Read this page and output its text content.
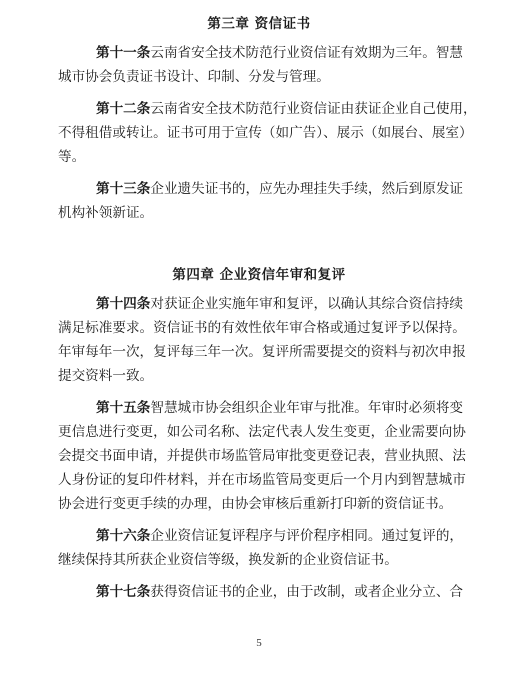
第三章 资信证书
第十一条云南省安全技术防范行业资信证有效期为三年。智慧
城市协会负责证书设计、印制、分发与管理。
第十二条云南省安全技术防范行业资信证由获证企业自己使用，
不得租借或转让。证书可用于宣传（如广告）、展示（如展台、展室）
等。
第十三条企业遗失证书的，应先办理挂失手续，然后到原发证
机构补领新证。
第四章 企业资信年审和复评
第十四条对获证企业实施年审和复评，以确认其综合资信持续
满足标准要求。资信证书的有效性依年审合格或通过复评予以保持。
年审每年一次，复评每三年一次。复评所需要提交的资料与初次申报
提交资料一致。
第十五条智慧城市协会组织企业年审与批准。年审时必须将变
更信息进行变更，如公司名称、法定代表人发生变更，企业需要向协
会提交书面申请，并提供市场监管局审批变更登记表，营业执照、法
人身份证的复印件材料，并在市场监管局变更后一个月内到智慧城市
协会进行变更手续的办理，由协会审核后重新打印新的资信证书。
第十六条企业资信证复评程序与评价程序相同。通过复评的，
继续保持其所获企业资信等级，换发新的企业资信证书。
第十七条获得资信证书的企业，由于改制，或者企业分立、合
5
